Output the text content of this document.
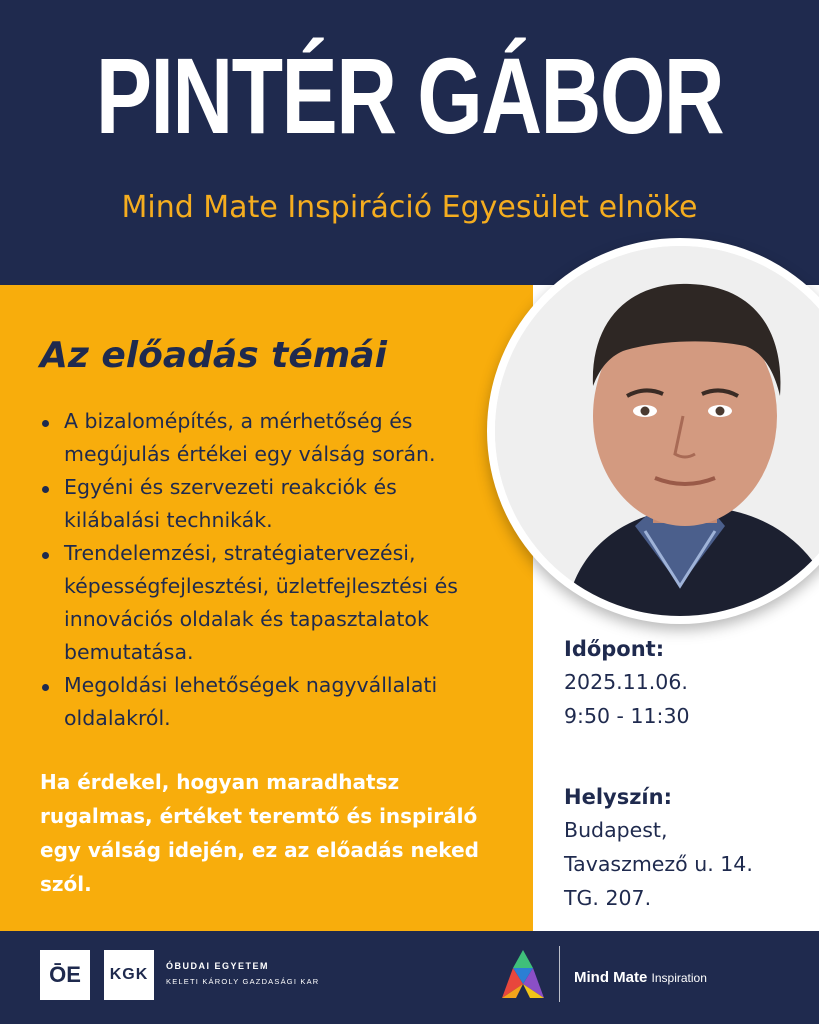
PINTÉR GÁBOR

Mind Mate Inspiráció Egyesület elnöke

Az előadás témái
A bizalomépítés, a mérhetőség és megújulás értékei egy válság során.
Egyéni és szervezeti reakciók és kilábalási technikák.
Trendelemzési, stratégiatervezési, képességfejlesztési, üzletfejlesztési és innovációs oldalak és tapasztalatok bemutatása.
Megoldási lehetőségek nagyvállalati oldalakról.

Ha érdekel, hogyan maradhatsz rugalmas, értéket teremtő és inspiráló egy válság idején, ez az előadás neked szól.

Időpont:

2025.11.06.

9:50 - 11:30

Helyszín:

Budapest,

Tavaszmező u. 14.

TG. 207.

ŌE KGK ÓBUDAI EGYETEM
KELETI KÁROLY GAZDASÁGI KAR	Mind Mate Inspiration
